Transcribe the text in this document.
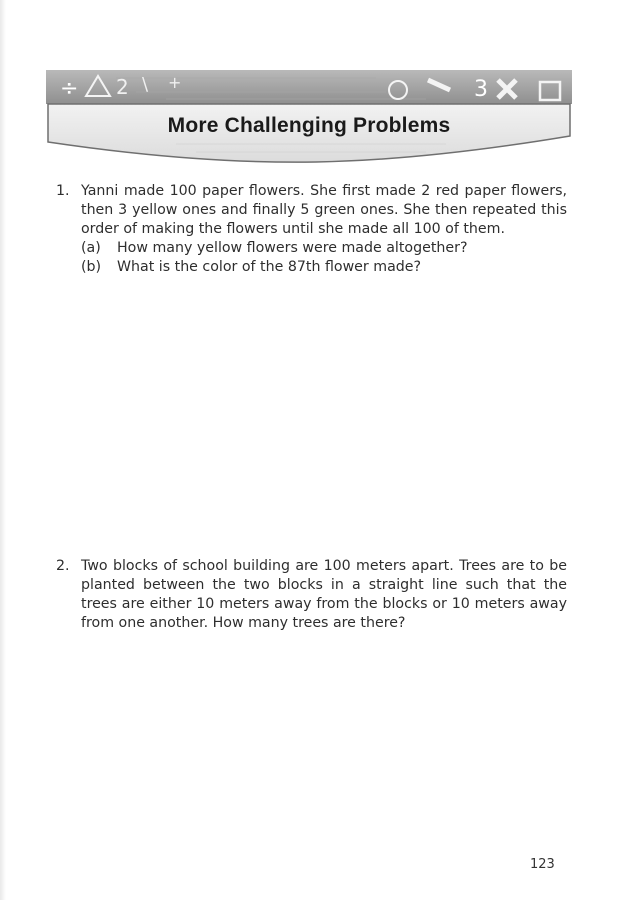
÷ 2 \ +	3
More Challenging Problems
1. Yanni made 100 paper flowers. She first made 2 red paper flowers, then 3 yellow ones and finally 5 green ones. She then repeated this order of making the flowers until she made all 100 of them.
(a) How many yellow flowers were made altogether?
(b) What is the color of the 87th flower made?
2. Two blocks of school building are 100 meters apart. Trees are to be planted between the two blocks in a straight line such that the trees are either 10 meters away from the blocks or 10 meters away from one another. How many trees are there?
123
